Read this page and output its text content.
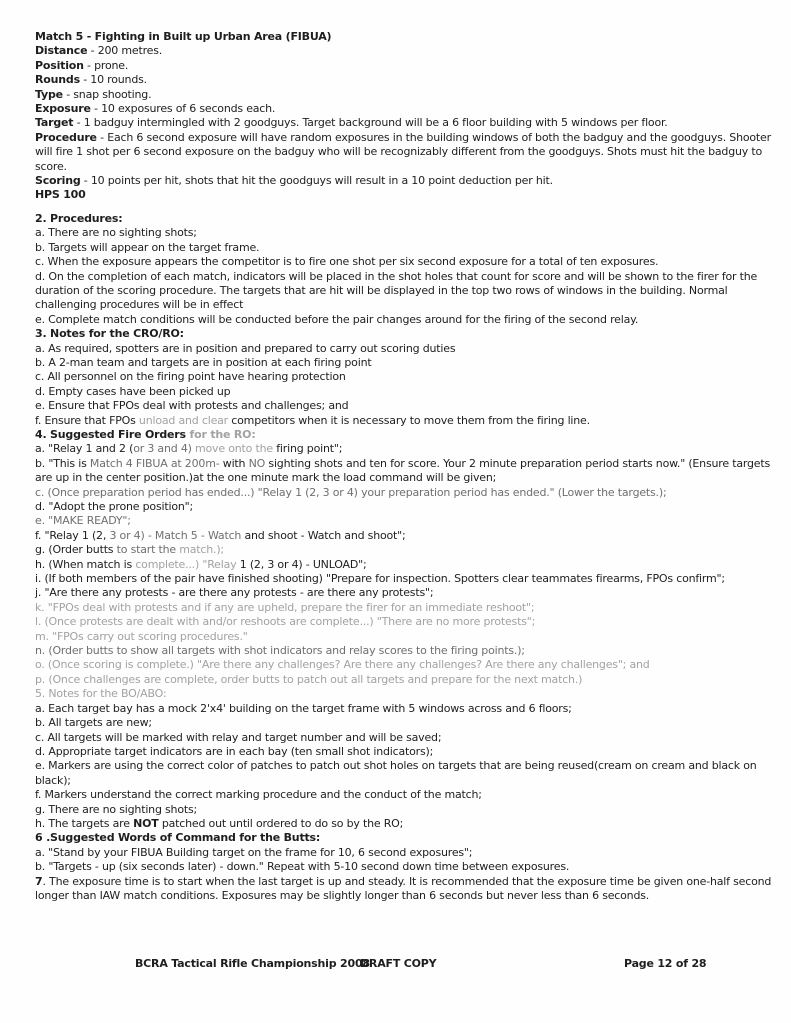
Match 5 - Fighting in Built up Urban Area (FIBUA)

Distance - 200 metres.

Position - prone.

Rounds - 10 rounds.

Type - snap shooting.

Exposure - 10 exposures of 6 seconds each.

Target - 1 badguy intermingled with 2 goodguys. Target background will be a 6 floor building with 5 windows per floor.

Procedure - Each 6 second exposure will have random exposures in the building windows of both the badguy and the goodguys. Shooter will fire 1 shot per 6 second exposure on the badguy who will be recognizably different from the goodguys. Shots must hit the badguy to score.

Scoring - 10 points per hit, shots that hit the goodguys will result in a 10 point deduction per hit.

HPS 100

2. Procedures:

a. There are no sighting shots;

b. Targets will appear on the target frame.

c. When the exposure appears the competitor is to fire one shot per six second exposure for a total of ten exposures.

d. On the completion of each match, indicators will be placed in the shot holes that count for score and will be shown to the firer for the duration of the scoring procedure. The targets that are hit will be displayed in the top two rows of windows in the building. Normal challenging procedures will be in effect

e. Complete match conditions will be conducted before the pair changes around for the firing of the second relay.

3. Notes for the CRO/RO:

a. As required, spotters are in position and prepared to carry out scoring duties

b. A 2-man team and targets are in position at each firing point

c. All personnel on the firing point have hearing protection

d. Empty cases have been picked up

e. Ensure that FPOs deal with protests and challenges; and

f. Ensure that FPOs unload and clear competitors when it is necessary to move them from the firing line.

4. Suggested Fire Orders for the RO:

a. "Relay 1 and 2 (or 3 and 4) move onto the firing point";

b. "This is Match 4 FIBUA at 200m- with NO sighting shots and ten for score. Your 2 minute preparation period starts now." (Ensure targets are up in the center position.)at the one minute mark the load command will be given;

c. (Once preparation period has ended...) "Relay 1 (2, 3 or 4) your preparation period has ended." (Lower the targets.);

d. "Adopt the prone position";

e. "MAKE READY";

f. "Relay 1 (2, 3 or 4) - Match 5 - Watch and shoot - Watch and shoot";

g. (Order butts to start the match.);

h. (When match is complete...) "Relay 1 (2, 3 or 4) - UNLOAD";

i. (If both members of the pair have finished shooting) "Prepare for inspection. Spotters clear teammates firearms, FPOs confirm";

j. "Are there any protests - are there any protests - are there any protests";

k. "FPOs deal with protests and if any are upheld, prepare the firer for an immediate reshoot";

l. (Once protests are dealt with and/or reshoots are complete...) "There are no more protests";

m. "FPOs carry out scoring procedures."

n. (Order butts to show all targets with shot indicators and relay scores to the firing points.);

o. (Once scoring is complete.) "Are there any challenges? Are there any challenges? Are there any challenges"; and

p. (Once challenges are complete, order butts to patch out all targets and prepare for the next match.)

5. Notes for the BO/ABO:

a. Each target bay has a mock 2'x4' building on the target frame with 5 windows across and 6 floors;

b. All targets are new;

c. All targets will be marked with relay and target number and will be saved;

d. Appropriate target indicators are in each bay (ten small shot indicators);

e. Markers are using the correct color of patches to patch out shot holes on targets that are being reused(cream on cream and black on black);

f. Markers understand the correct marking procedure and the conduct of the match;

g. There are no sighting shots;

h. The targets are NOT patched out until ordered to do so by the RO;

6 .Suggested Words of Command for the Butts:

a. "Stand by your FIBUA Building target on the frame for 10, 6 second exposures";

b. "Targets - up (six seconds later) - down." Repeat with 5-10 second down time between exposures.

7. The exposure time is to start when the last target is up and steady. It is recommended that the exposure time be given one-half second longer than IAW match conditions. Exposures may be slightly longer than 6 seconds but never less than 6 seconds.

BCRA Tactical Rifle Championship 2008
DRAFT COPY	Page 12 of 28
